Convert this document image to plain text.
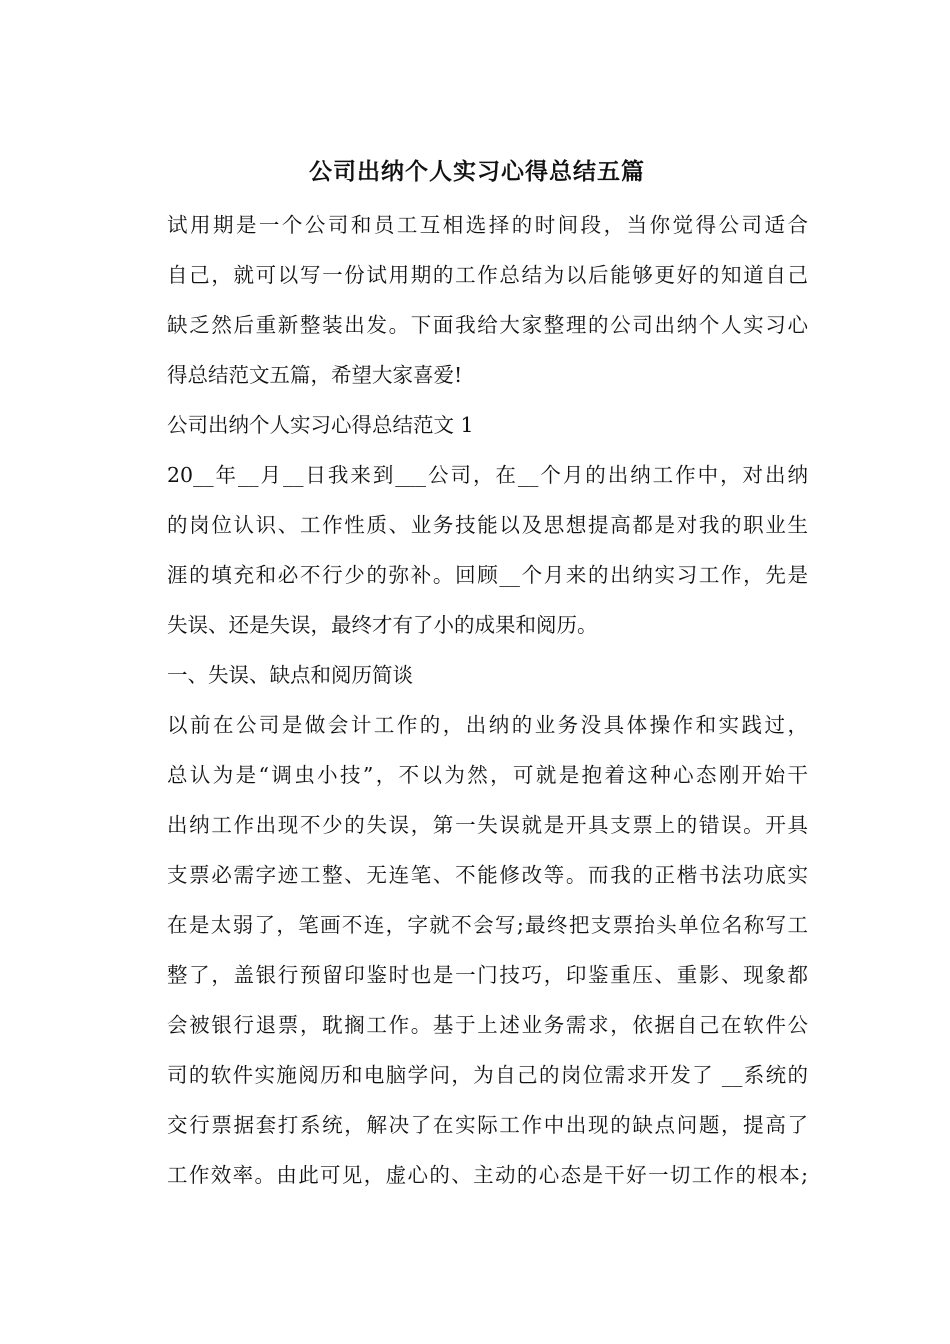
公司出纳个人实习心得总结五篇
试用期是一个公司和员工互相选择的时间段，当你觉得公司适合
自己，就可以写一份试用期的工作总结为以后能够更好的知道自己
缺乏然后重新整装出发。下面我给大家整理的公司出纳个人实习心
得总结范文五篇，希望大家喜爱!
公司出纳个人实习心得总结范文 1
20__年__月__日我来到___公司，在__个月的出纳工作中，对出纳
的岗位认识、工作性质、业务技能以及思想提高都是对我的职业生
涯的填充和必不行少的弥补。回顾__个月来的出纳实习工作，先是
失误、还是失误，最终才有了小的成果和阅历。
一、失误、缺点和阅历简谈
以前在公司是做会计工作的，出纳的业务没具体操作和实践过，
总认为是“调虫小技”，不以为然，可就是抱着这种心态刚开始干
出纳工作出现不少的失误，第一失误就是开具支票上的错误。开具
支票必需字迹工整、无连笔、不能修改等。而我的正楷书法功底实
在是太弱了，笔画不连，字就不会写;最终把支票抬头单位名称写工
整了，盖银行预留印鉴时也是一门技巧，印鉴重压、重影、现象都
会被银行退票，耽搁工作。基于上述业务需求，依据自己在软件公
司的软件实施阅历和电脑学问，为自己的岗位需求开发了 __系统的
交行票据套打系统，解决了在实际工作中出现的缺点问题，提高了
工作效率。由此可见，虚心的、主动的心态是干好一切工作的根本;
